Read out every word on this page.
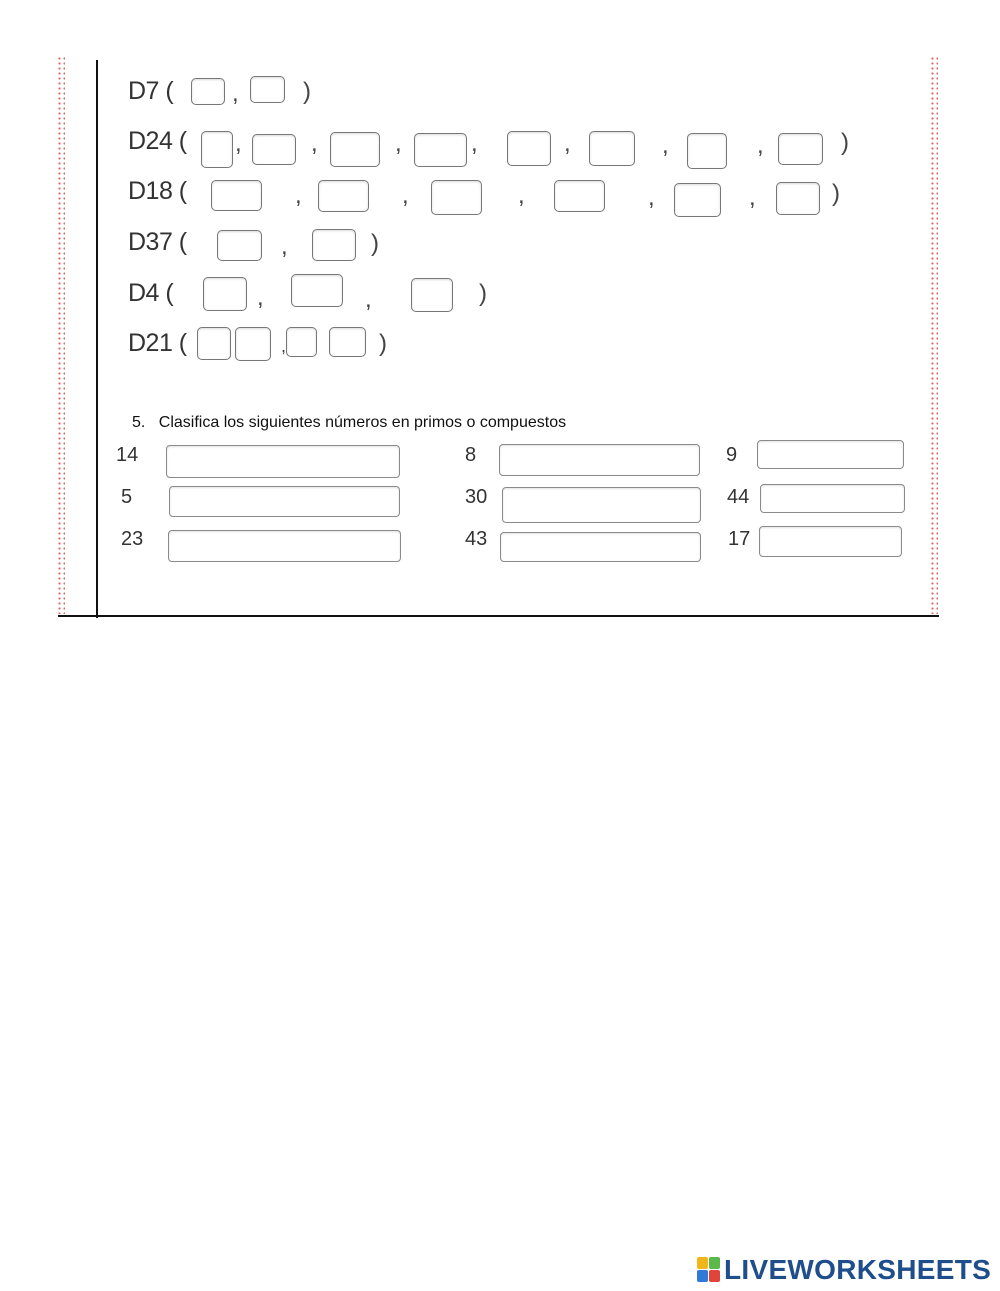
D7 ( ,	)
D24 ( ,	,	,	,	,	,	,	)
D18 (	,	,	,	,	,	)
D37 (	,	)
D4 (	,	,	)
D21 (	,	)
5. Clasifica los siguientes números en primos o compuestos
14	8	9
5	30	44
23	43	17
LIVEWORKSHEETS
